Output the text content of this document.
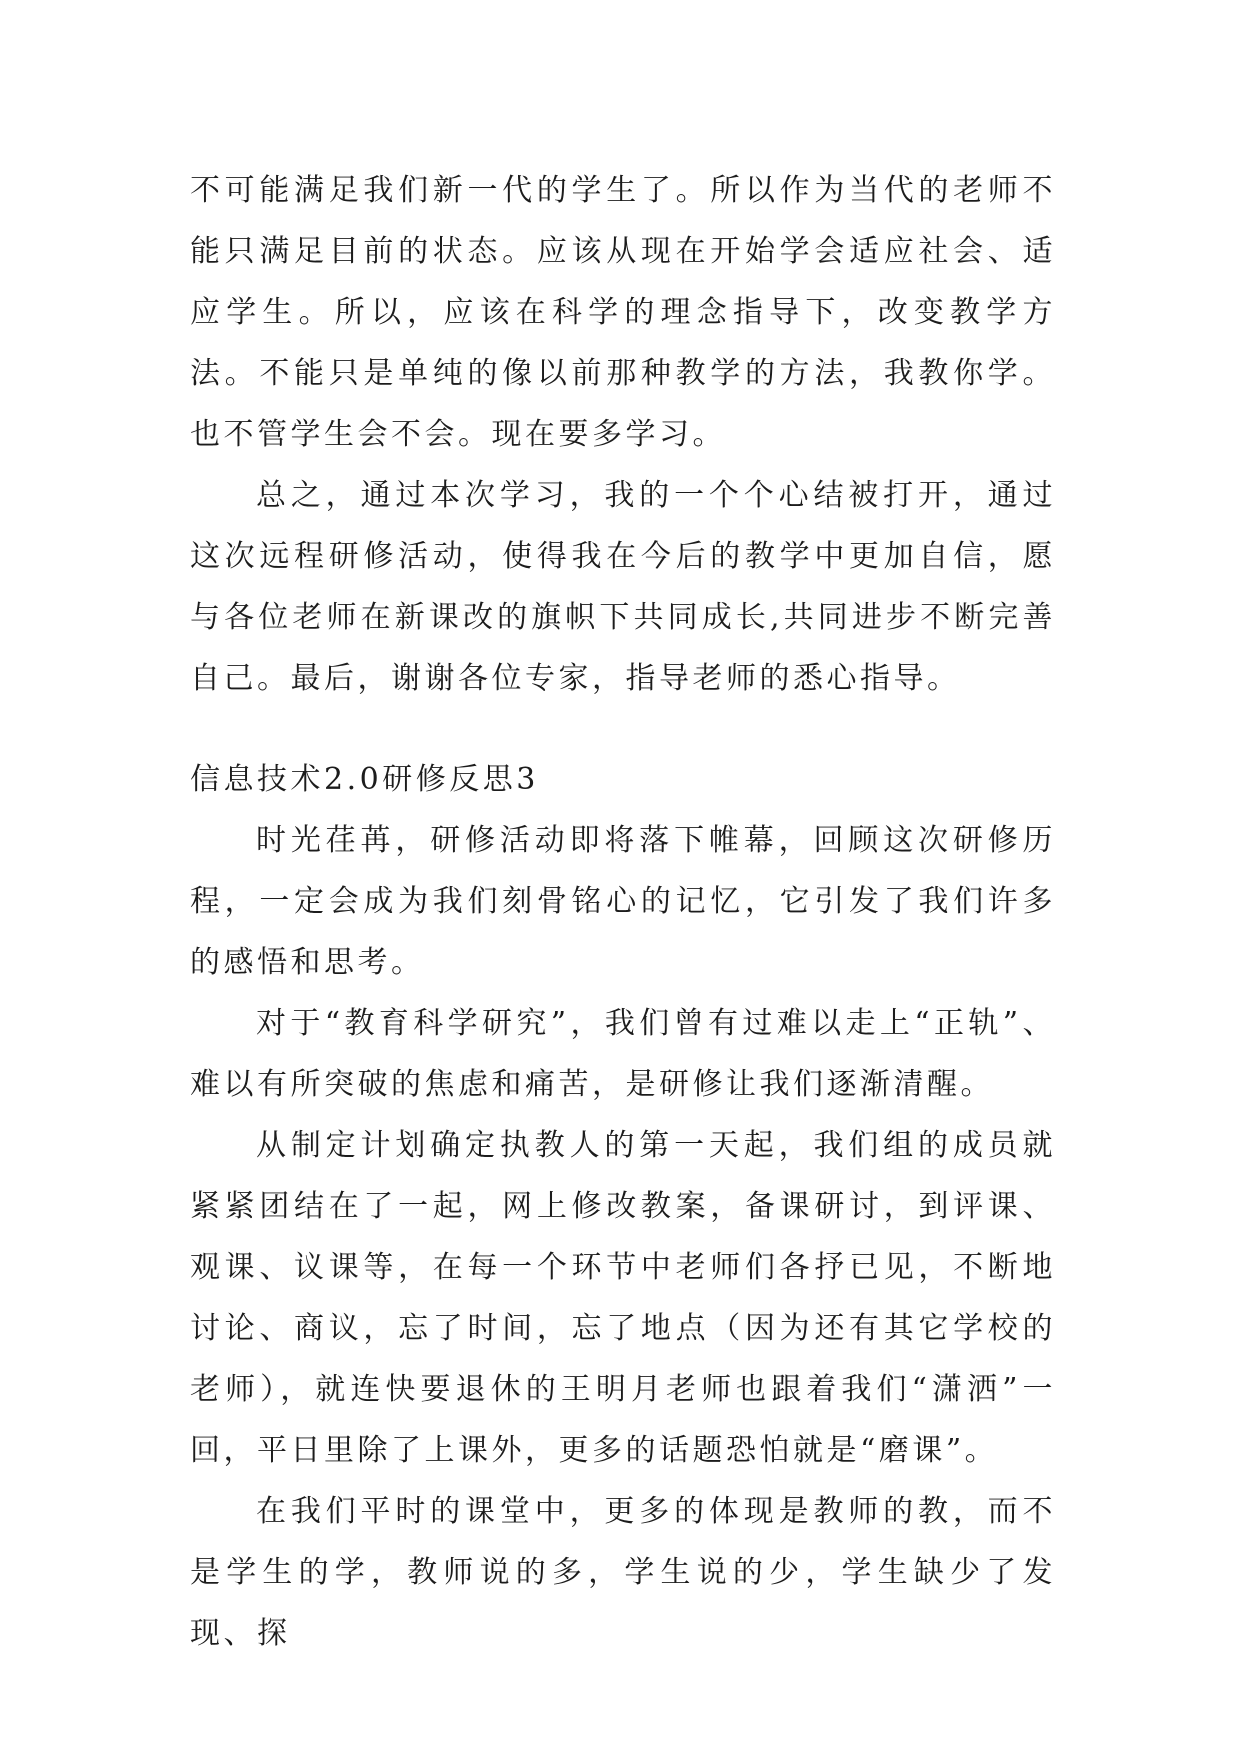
不可能满足我们新一代的学生了。所以作为当代的老师不能只满足目前的状态。应该从现在开始学会适应社会、适应学生。所以，应该在科学的理念指导下，改变教学方法。不能只是单纯的像以前那种教学的方法，我教你学。也不管学生会不会。现在要多学习。

总之，通过本次学习，我的一个个心结被打开，通过这次远程研修活动，使得我在今后的教学中更加自信，愿与各位老师在新课改的旗帜下共同成长,共同进步不断完善自己。最后，谢谢各位专家，指导老师的悉心指导。

信息技术2.0研修反思3

时光荏苒，研修活动即将落下帷幕，回顾这次研修历程，一定会成为我们刻骨铭心的记忆，它引发了我们许多的感悟和思考。

对于“教育科学研究”，我们曾有过难以走上“正轨”、难以有所突破的焦虑和痛苦，是研修让我们逐渐清醒。

从制定计划确定执教人的第一天起，我们组的成员就紧紧团结在了一起，网上修改教案，备课研讨，到评课、观课、议课等，在每一个环节中老师们各抒已见，不断地讨论、商议，忘了时间，忘了地点（因为还有其它学校的老师），就连快要退休的王明月老师也跟着我们“潇洒”一回，平日里除了上课外，更多的话题恐怕就是“磨课”。

在我们平时的课堂中，更多的体现是教师的教，而不是学生的学，教师说的多，学生说的少，学生缺少了发现、探
